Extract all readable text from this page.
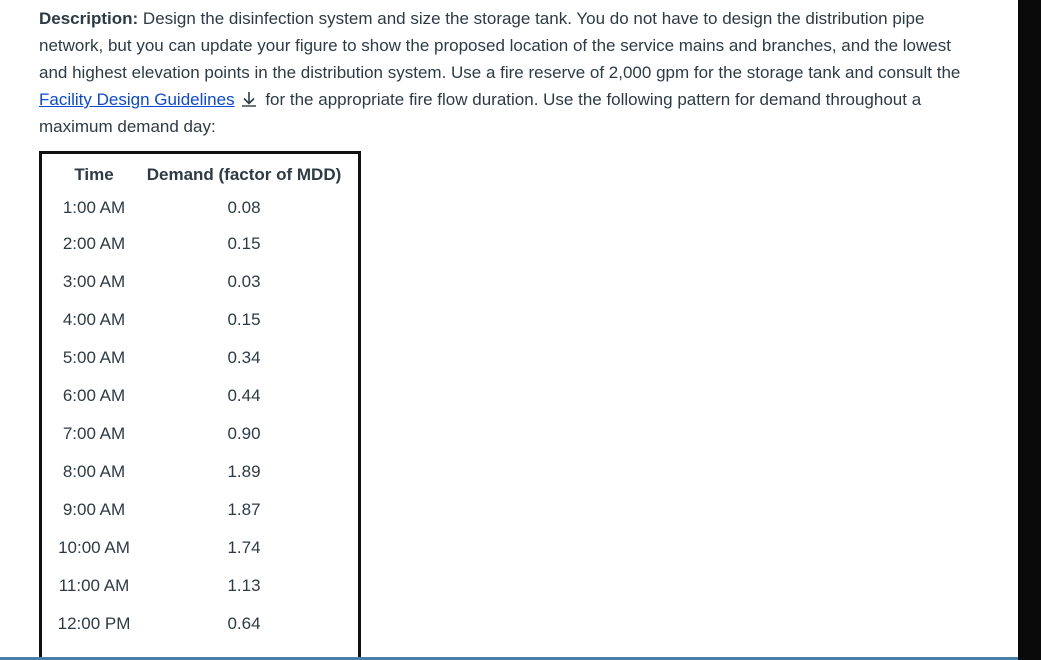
Description: Design the disinfection system and size the storage tank. You do not have to design the distribution pipe network, but you can update your figure to show the proposed location of the service mains and branches, and the lowest and highest elevation points in the distribution system. Use a fire reserve of 2,000 gpm for the storage tank and consult the Facility Design Guidelines for the appropriate fire flow duration. Use the following pattern for demand throughout a maximum demand day:

Time	Demand (factor of MDD)
1:00 AM	0.08
2:00 AM	0.15
3:00 AM	0.03
4:00 AM	0.15
5:00 AM	0.34
6:00 AM	0.44
7:00 AM	0.90
8:00 AM	1.89
9:00 AM	1.87
10:00 AM	1.74
11:00 AM	1.13
12:00 PM	0.64
